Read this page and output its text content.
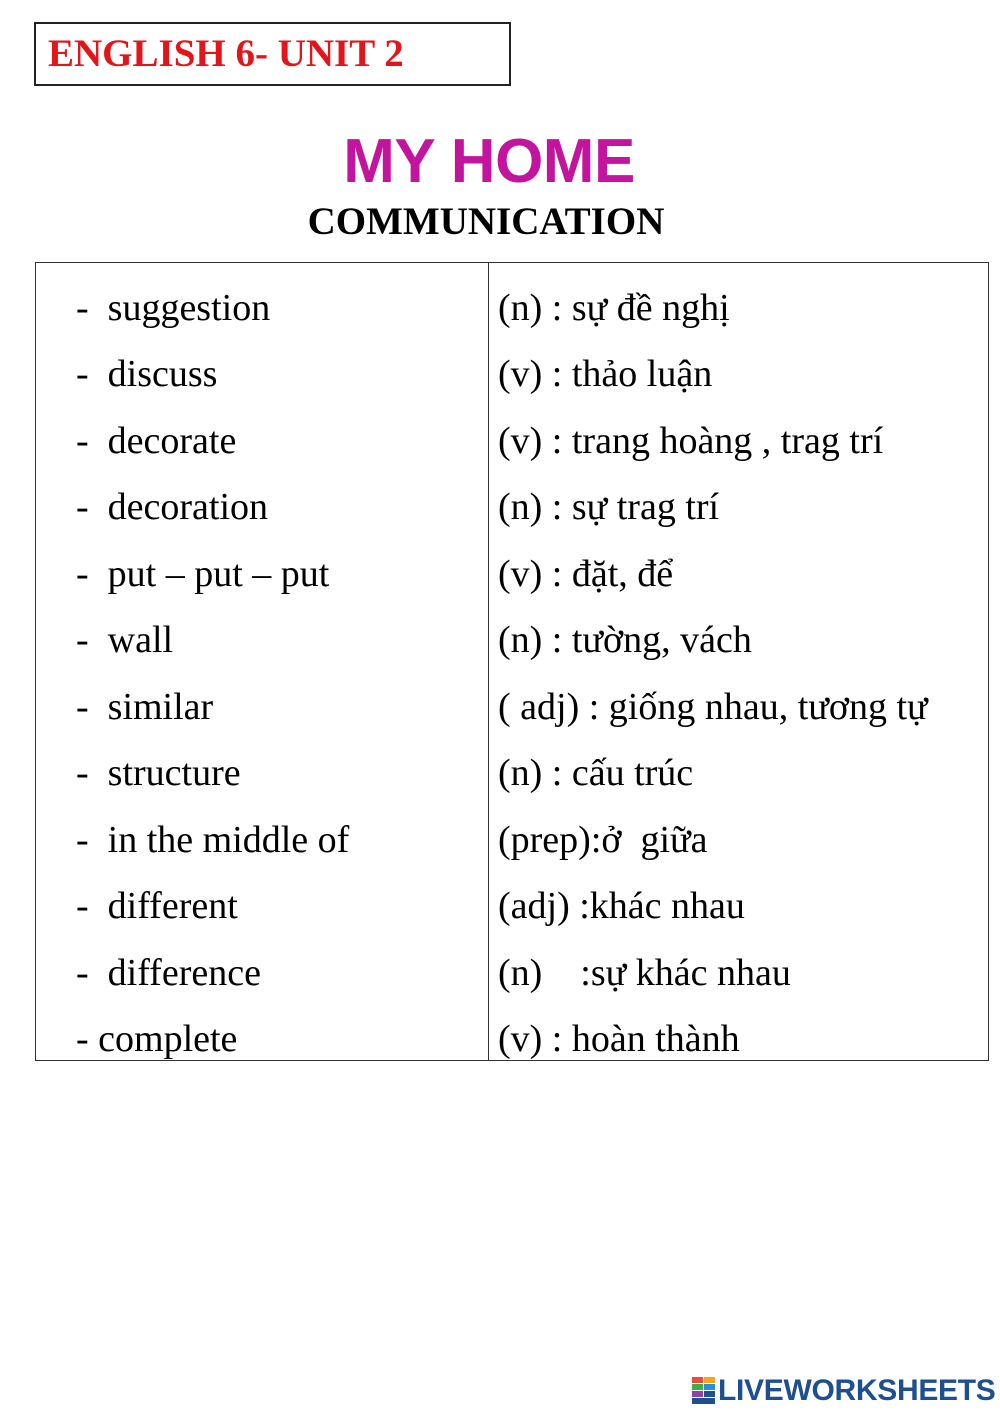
ENGLISH 6- UNIT 2
MY HOME
COMMUNICATION
-  suggestion	(n) : sự đề nghị
-  discuss	(v) : thảo luận
-  decorate	(v) : trang hoàng , trag trí
-  decoration	(n) : sự trag trí
-  put – put – put	(v) : đặt, để
-  wall	(n) : tường, vách
-  similar	( adj) : giống nhau, tương tự
-  structure	(n) : cấu trúc
-  in the middle of	(prep):ở  giữa
-  different	(adj) :khác nhau
-  difference	(n)    :sự khác nhau
- complete	(v) : hoàn thành
LIVEWORKSHEETS
